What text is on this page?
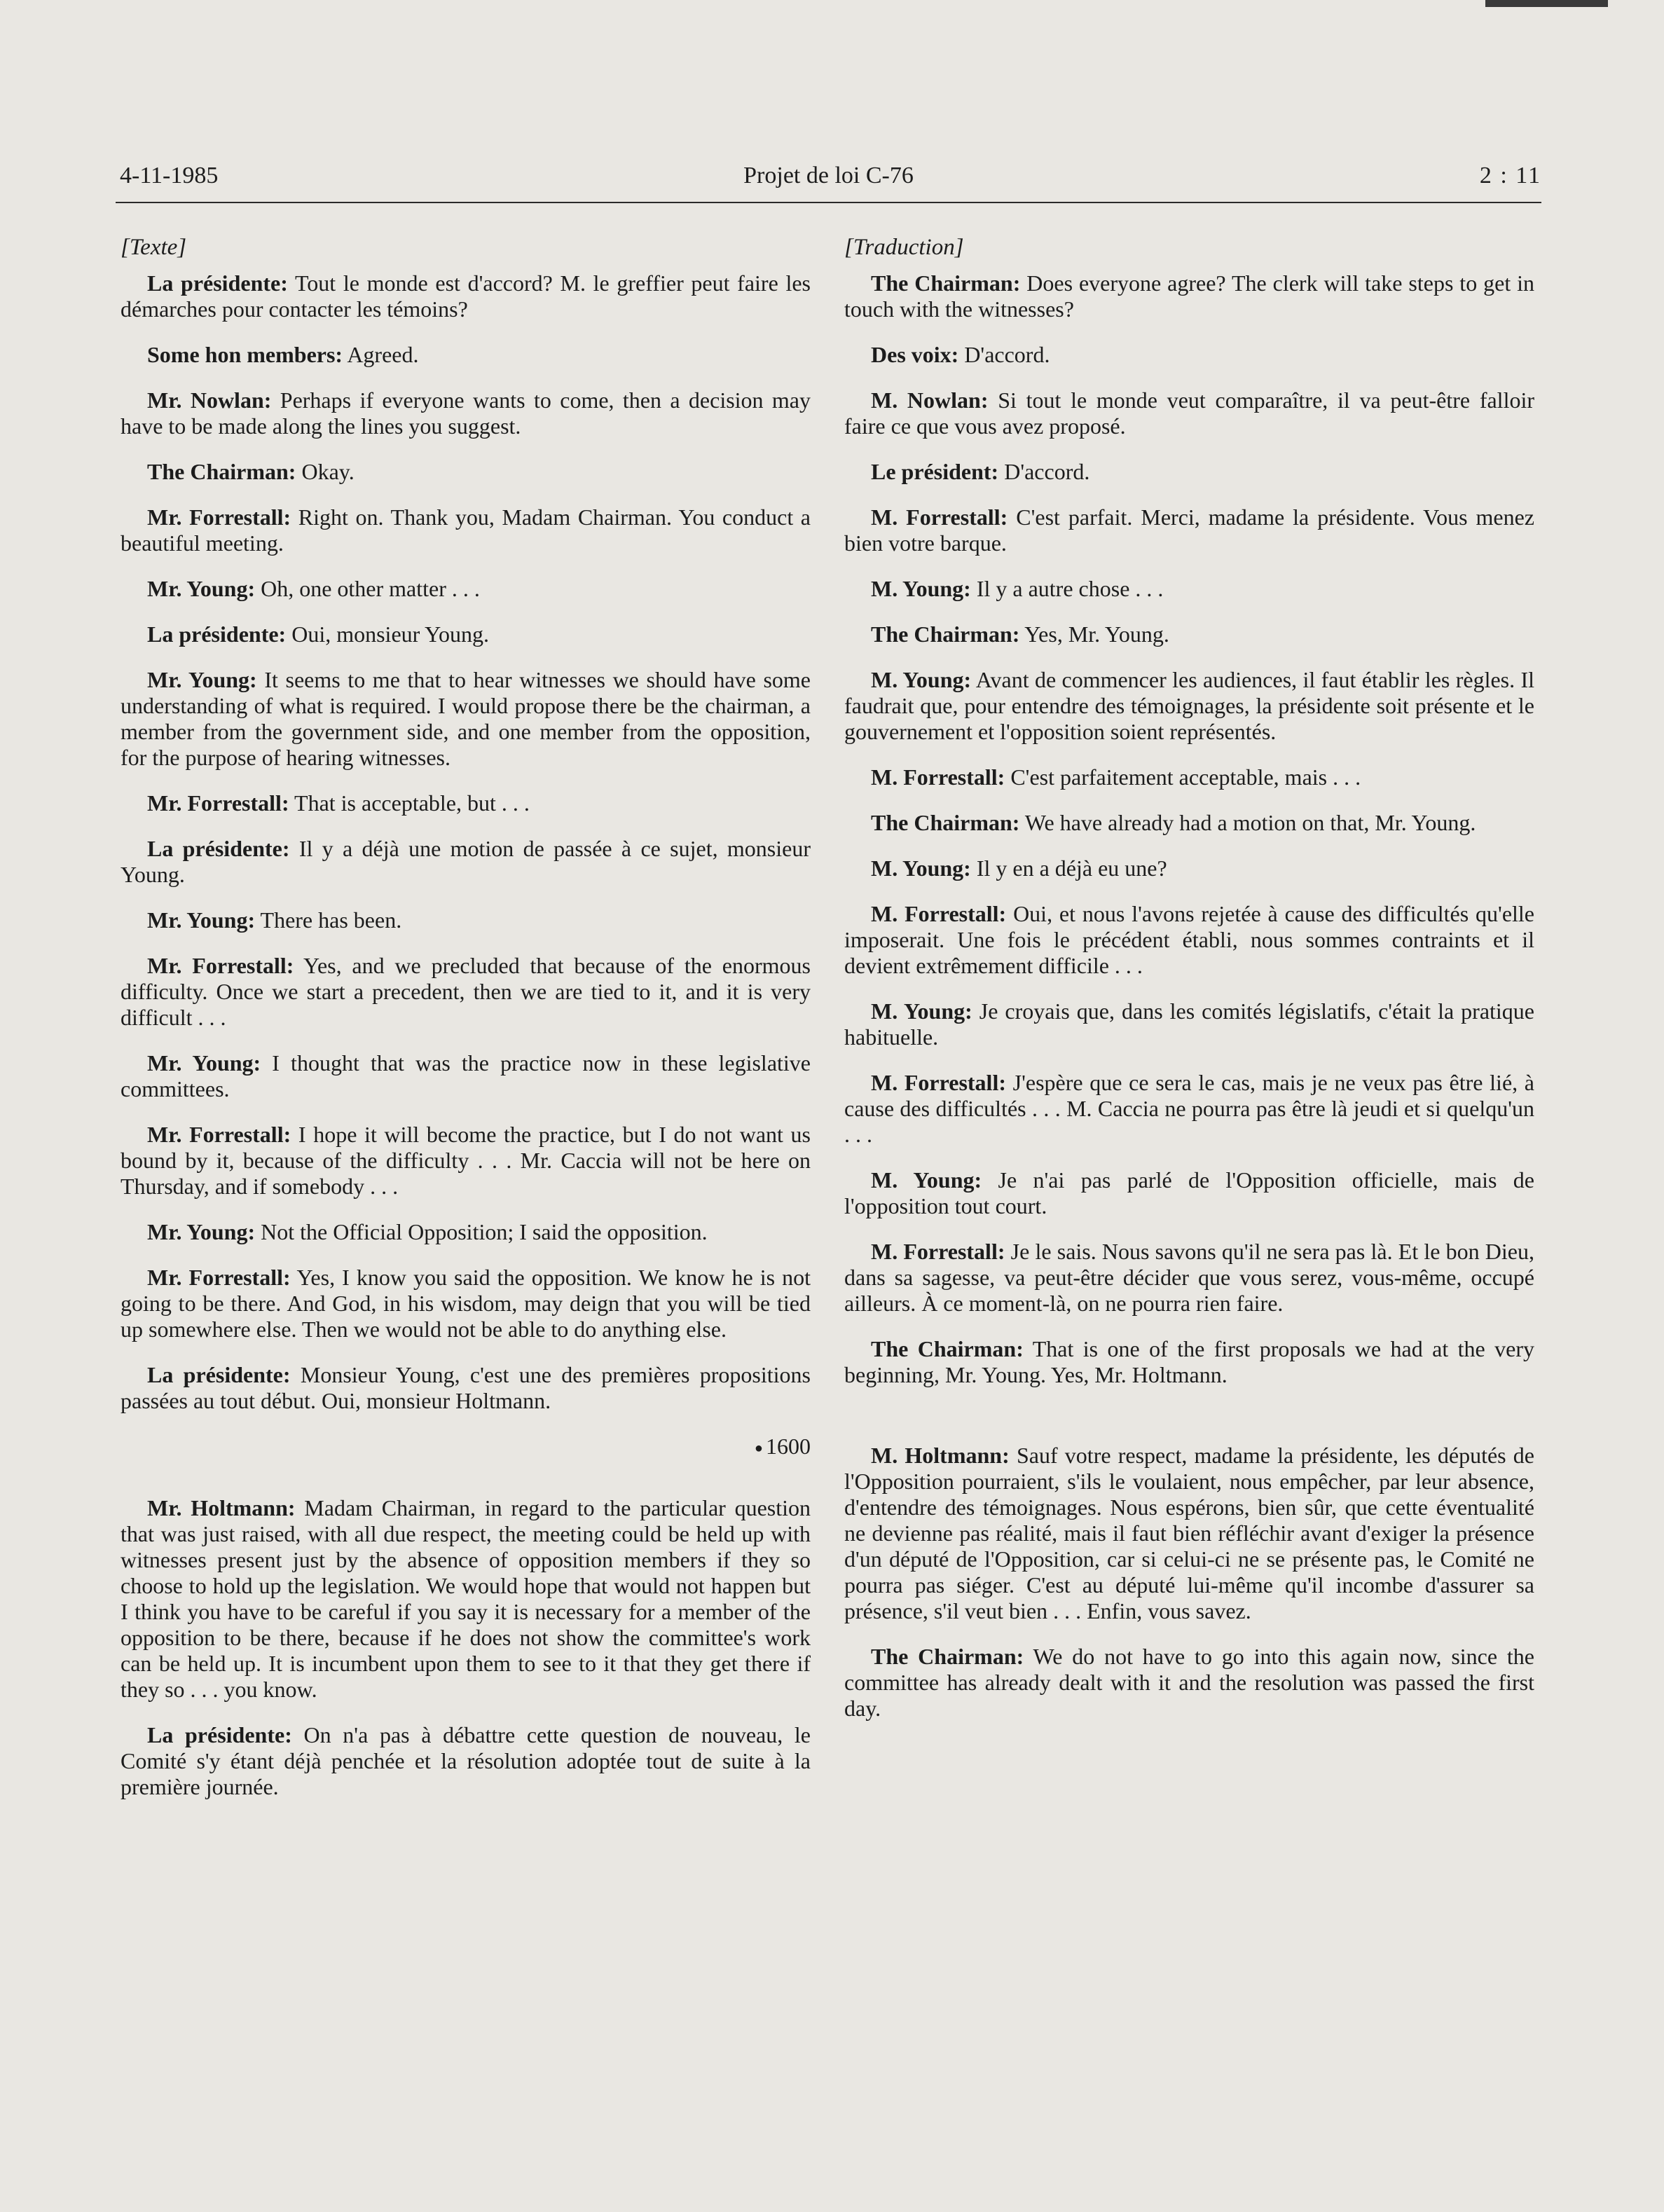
4-11-1985	Projet de loi C-76	2 : 11
[Texte]

La présidente: Tout le monde est d'accord? M. le greffier peut faire les démarches pour contacter les témoins?

Some hon members: Agreed.

Mr. Nowlan: Perhaps if everyone wants to come, then a decision may have to be made along the lines you suggest.

The Chairman: Okay.

Mr. Forrestall: Right on. Thank you, Madam Chairman. You conduct a beautiful meeting.

Mr. Young: Oh, one other matter . . .

La présidente: Oui, monsieur Young.

Mr. Young: It seems to me that to hear witnesses we should have some understanding of what is required. I would propose there be the chairman, a member from the government side, and one member from the opposition, for the purpose of hearing witnesses.

Mr. Forrestall: That is acceptable, but . . .

La présidente: Il y a déjà une motion de passée à ce sujet, monsieur Young.

Mr. Young: There has been.

Mr. Forrestall: Yes, and we precluded that because of the enormous difficulty. Once we start a precedent, then we are tied to it, and it is very difficult . . .

Mr. Young: I thought that was the practice now in these legislative committees.

Mr. Forrestall: I hope it will become the practice, but I do not want us bound by it, because of the difficulty . . . Mr. Caccia will not be here on Thursday, and if somebody . . .

Mr. Young: Not the Official Opposition; I said the opposition.

Mr. Forrestall: Yes, I know you said the opposition. We know he is not going to be there. And God, in his wisdom, may deign that you will be tied up somewhere else. Then we would not be able to do anything else.

La présidente: Monsieur Young, c'est une des premières propositions passées au tout début. Oui, monsieur Holtmann.

● 1600

Mr. Holtmann: Madam Chairman, in regard to the particular question that was just raised, with all due respect, the meeting could be held up with witnesses present just by the absence of opposition members if they so choose to hold up the legislation. We would hope that would not happen but I think you have to be careful if you say it is necessary for a member of the opposition to be there, because if he does not show the committee's work can be held up. It is incumbent upon them to see to it that they get there if they so . . . you know.

La présidente: On n'a pas à débattre cette question de nouveau, le Comité s'y étant déjà penchée et la résolution adoptée tout de suite à la première journée.

[Traduction]

The Chairman: Does everyone agree? The clerk will take steps to get in touch with the witnesses?

Des voix: D'accord.

M. Nowlan: Si tout le monde veut comparaître, il va peut-être falloir faire ce que vous avez proposé.

Le président: D'accord.

M. Forrestall: C'est parfait. Merci, madame la présidente. Vous menez bien votre barque.

M. Young: Il y a autre chose . . .

The Chairman: Yes, Mr. Young.

M. Young: Avant de commencer les audiences, il faut établir les règles. Il faudrait que, pour entendre des témoignages, la présidente soit présente et le gouvernement et l'opposition soient représentés.

M. Forrestall: C'est parfaitement acceptable, mais . . .

The Chairman: We have already had a motion on that, Mr. Young.

M. Young: Il y en a déjà eu une?

M. Forrestall: Oui, et nous l'avons rejetée à cause des difficultés qu'elle imposerait. Une fois le précédent établi, nous sommes contraints et il devient extrêmement difficile . . .

M. Young: Je croyais que, dans les comités législatifs, c'était la pratique habituelle.

M. Forrestall: J'espère que ce sera le cas, mais je ne veux pas être lié, à cause des difficultés . . . M. Caccia ne pourra pas être là jeudi et si quelqu'un . . .

M. Young: Je n'ai pas parlé de l'Opposition officielle, mais de l'opposition tout court.

M. Forrestall: Je le sais. Nous savons qu'il ne sera pas là. Et le bon Dieu, dans sa sagesse, va peut-être décider que vous serez, vous-même, occupé ailleurs. À ce moment-là, on ne pourra rien faire.

The Chairman: That is one of the first proposals we had at the very beginning, Mr. Young. Yes, Mr. Holtmann.

M. Holtmann: Sauf votre respect, madame la présidente, les députés de l'Opposition pourraient, s'ils le voulaient, nous empêcher, par leur absence, d'entendre des témoignages. Nous espérons, bien sûr, que cette éventualité ne devienne pas réalité, mais il faut bien réfléchir avant d'exiger la présence d'un député de l'Opposition, car si celui-ci ne se présente pas, le Comité ne pourra pas siéger. C'est au député lui-même qu'il incombe d'assurer sa présence, s'il veut bien . . . Enfin, vous savez.

The Chairman: We do not have to go into this again now, since the committee has already dealt with it and the resolution was passed the first day.
